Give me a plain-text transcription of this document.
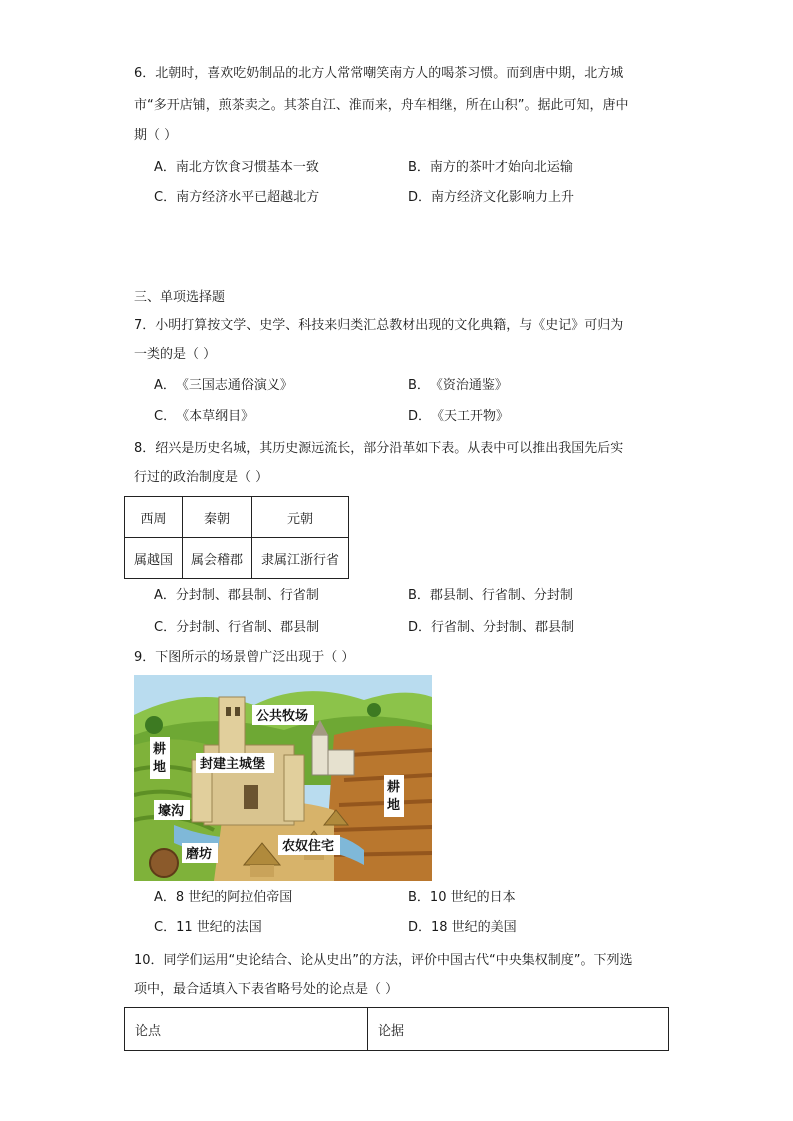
6．北朝时，喜欢吃奶制品的北方人常常嘲笑南方人的喝茶习惯。而到唐中期，北方城
市“多开店铺，煎茶卖之。其茶自江、淮而来，舟车相继，所在山积”。据此可知，唐中
期（ ）
A．南北方饮食习惯基本一致	B．南方的茶叶才始向北运输
C．南方经济水平已超越北方	D．南方经济文化影响力上升
三、单项选择题
7．小明打算按文学、史学、科技来归类汇总教材出现的文化典籍，与《史记》可归为
一类的是（ ）
A．　《三国志通俗演义》	B．　《资治通鉴》
C．　《本草纲目》	D．　《天工开物》
8．绍兴是历史名城，其历史源远流长，部分沿革如下表。从表中可以推出我国先后实
行过的政治制度是（ ）
西周	秦朝	元朝
属越国	属会稽郡	隶属江浙行省
A．分封制、郡县制、行省制	B．郡县制、行省制、分封制
C．分封制、行省制、郡县制	D．行省制、分封制、郡县制
9．下图所示的场景曾广泛出现于（ ）
公共牧场
封建主城堡
耕地
耕地
壕沟
磨坊
农奴住宅
A．8 世纪的阿拉伯帝国	B．10 世纪的日本
C．11 世纪的法国	D．18 世纪的美国
10．同学们运用“史论结合、论从史出”的方法，评价中国古代“中央集权制度”。下列选
项中，最合适填入下表省略号处的论点是（ ）
论点	论据
